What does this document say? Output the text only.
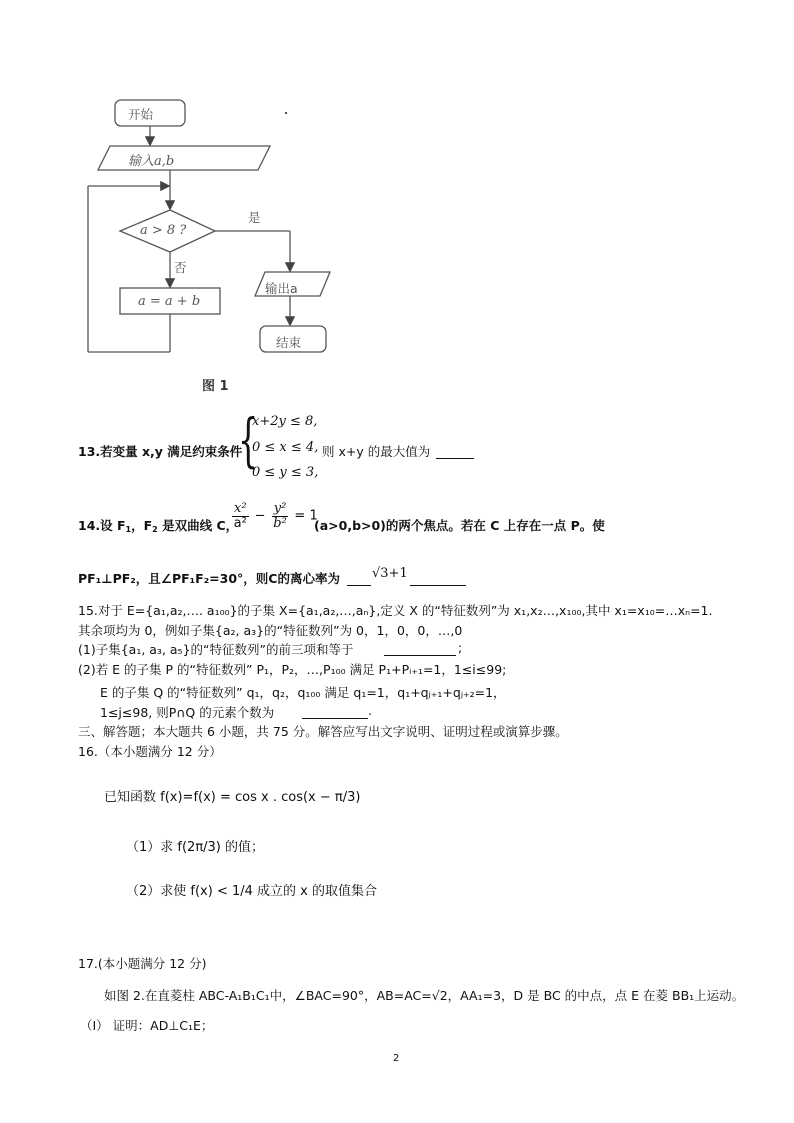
开始
输入a,b
a > 8 ?
是
否
a = a + b
输出a
结束
图 1
13.若变量 x,y 满足约束条件
{
x+2y ≤ 8,
0 ≤ x ≤ 4,
0 ≤ y ≤ 3,
则 x+y 的最大值为
14.设 $F_1$，$F_2$ 是双曲线 C，
$\frac{\text{x²}}{\text{a²}} - \frac{\text{y²}}{\text{b²}} = 1$
(a>0,b>0)的两个焦点。若在 C 上存在一点 P。使
PF₁⊥PF₂，且∠PF₁F₂=30°，则C的离心率为 √3+1
15.对于 E={a₁,a₂,…. a₁₀₀}的子集 X={a₁,a₂,…,aₙ},定义 X 的“特征数列”为 x₁,x₂…,x₁₀₀,其中 x₁=x₁₀=…xₙ=1.
其余项均为 0，例如子集{a₂, a₃}的“特征数列”为 0，1，0，0，…,0
(1)子集{a₁, a₃, a₅}的“特征数列”的前三项和等于	;
(2)若 E 的子集 P 的“特征数列” P₁，P₂，…,P₁₀₀ 满足 P₁+Pᵢ₊₁=1，1≤i≤99;
E 的子集 Q 的“特征数列” q₁，q₂，q₁₀₀ 满足 q₁=1，q₁+qⱼ₊₁+qⱼ₊₂=1，
1≤j≤98, 则P∩Q 的元素个数为	.
三、解答题；本大题共 6 小题，共 75 分。解答应写出文字说明、证明过程或演算步骤。
16.（本小题满分 12 分）
已知函数 f(x)=f(x) = cos x . cos(x − π/3)
（1）求 f(2π/3) 的值；
（2）求使 f(x) < 1/4 成立的 x 的取值集合
17.(本小题满分 12 分)
如图 2.在直菱柱 ABC-A₁B₁C₁中，∠BAC=90°，AB=AC=√2，AA₁=3，D 是 BC 的中点，点 E 在菱 BB₁上运动。
（I） 证明：AD⊥C₁E；
2
